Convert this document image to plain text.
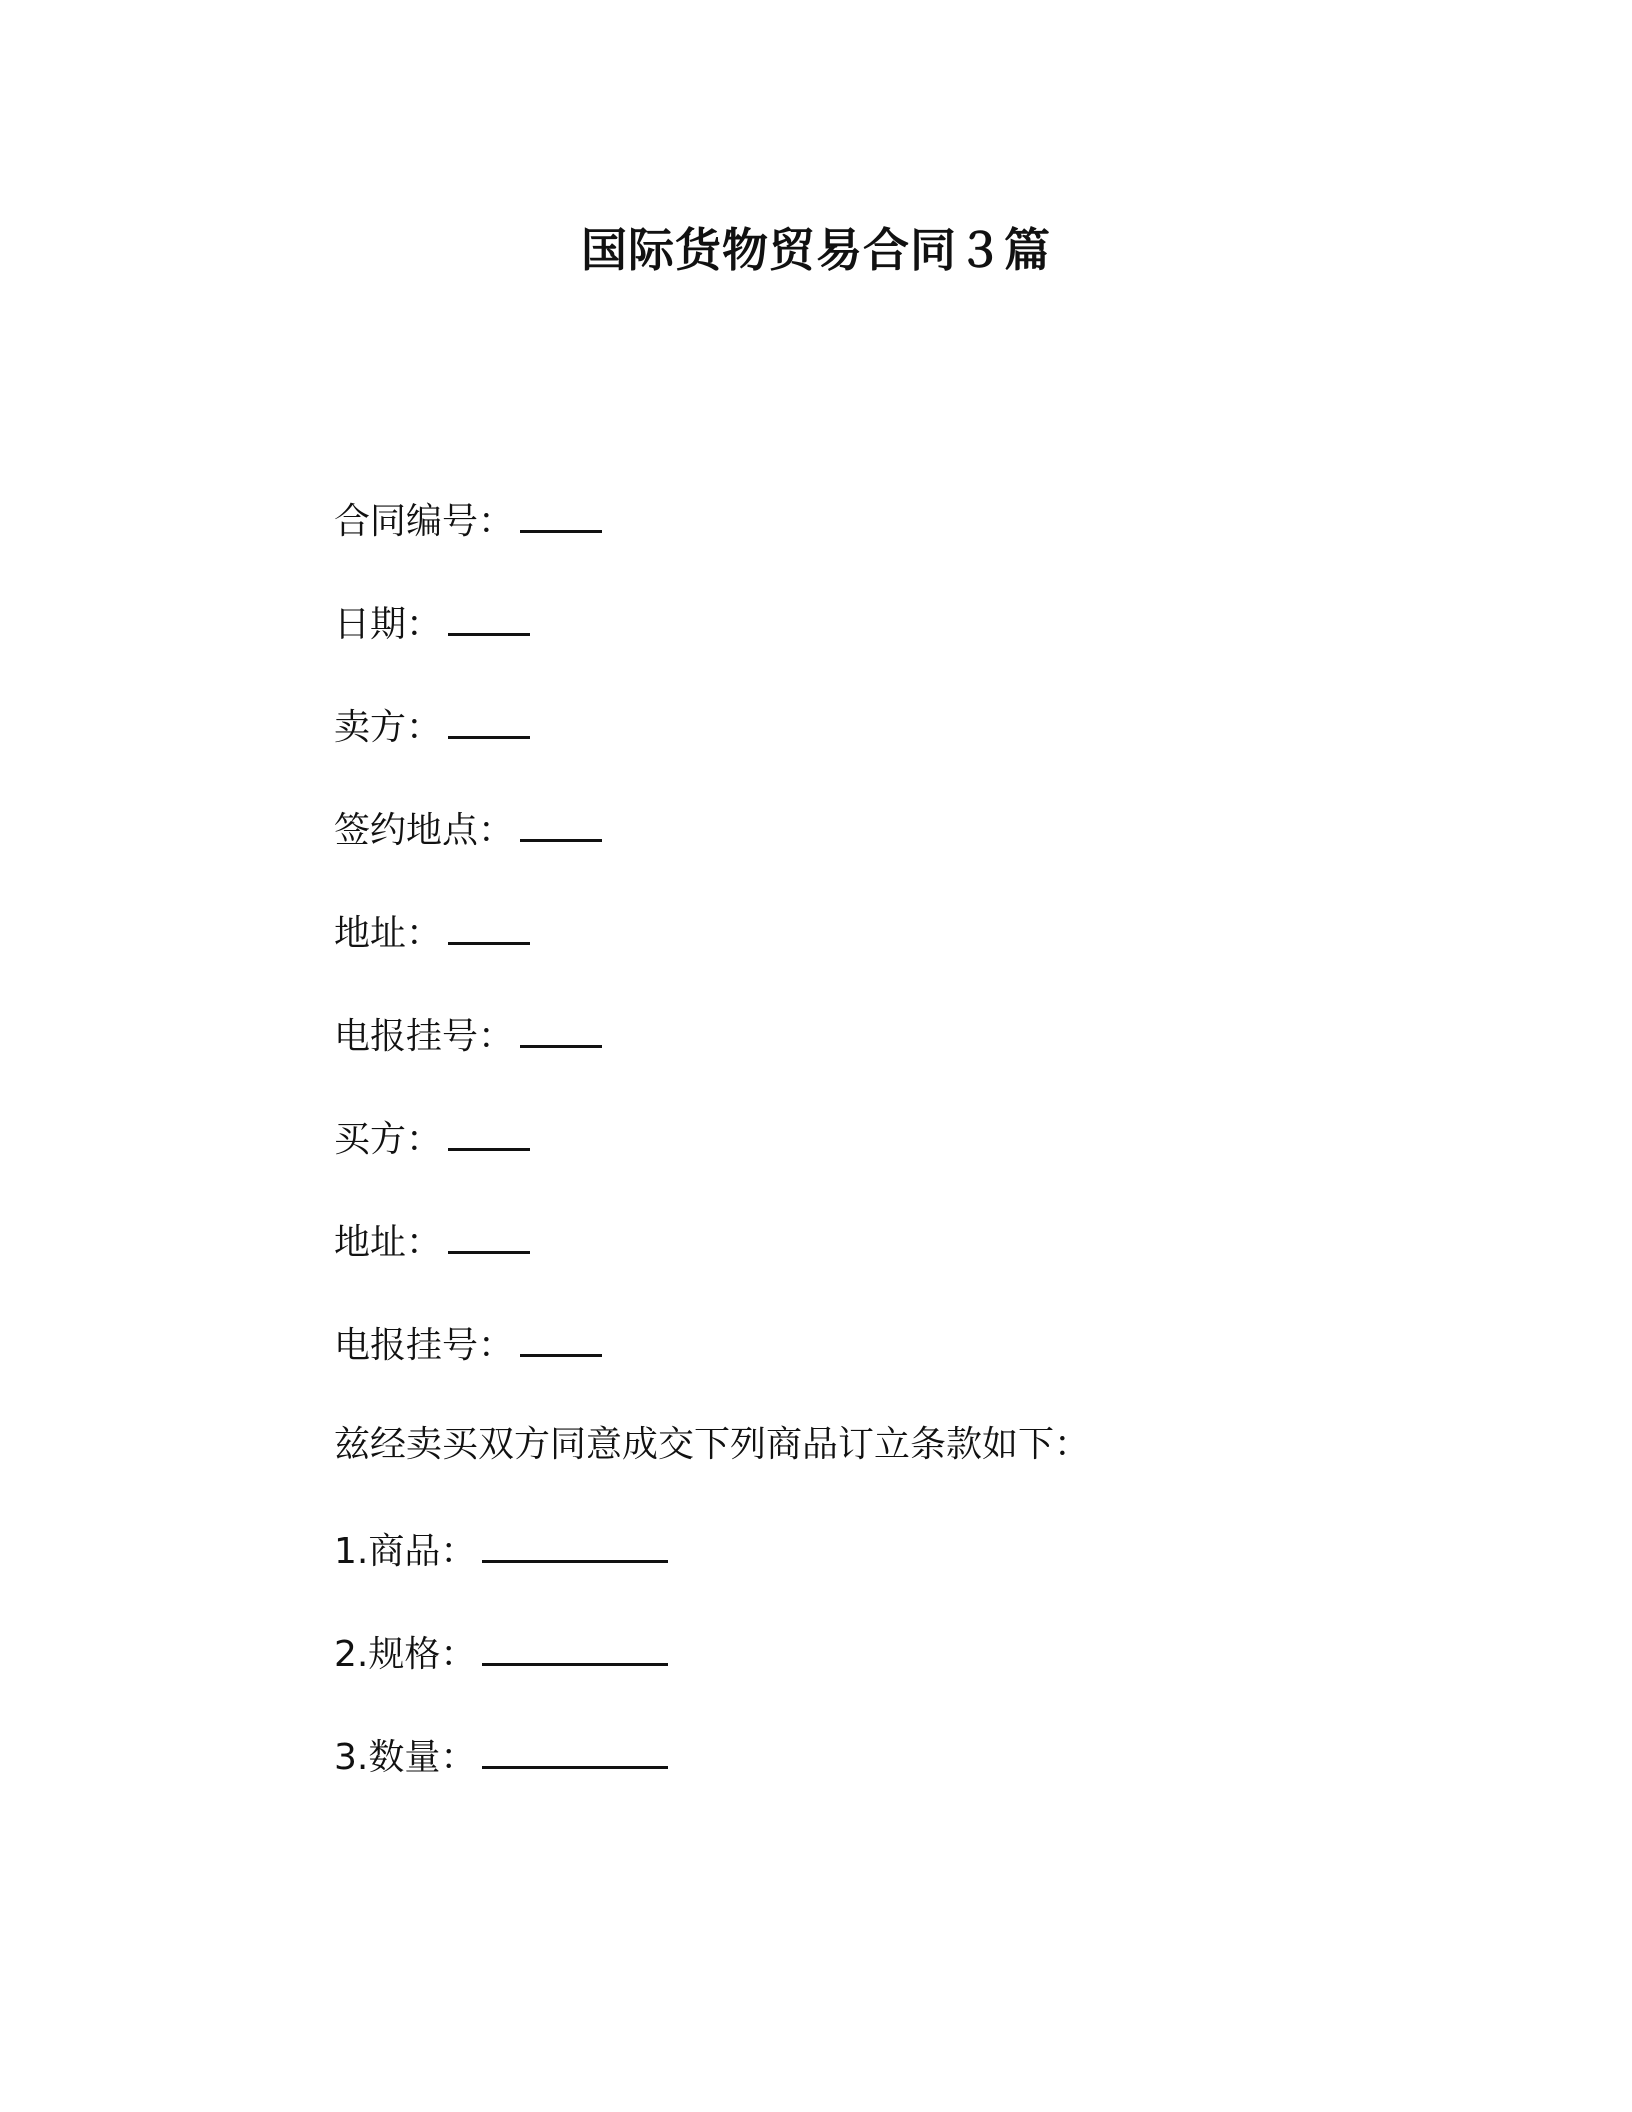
国际货物贸易合同３篇
合同编号：
日期：
卖方：
签约地点：
地址：
电报挂号：
买方：
地址：
电报挂号：
兹经卖买双方同意成交下列商品订立条款如下：
1.商品：
2.规格：
3.数量：
